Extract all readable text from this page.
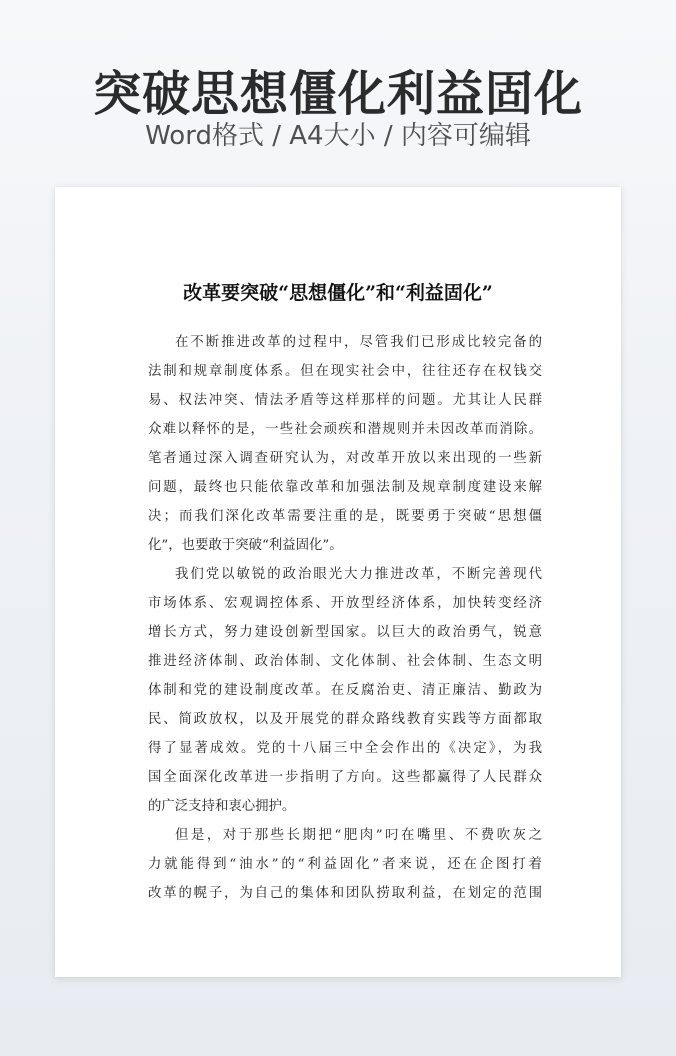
突破思想僵化利益固化

Word格式 / A4大小 / 内容可编辑

改革要突破“思想僵化”和“利益固化”

在不断推进改革的过程中，尽管我们已形成比较完备的
法制和规章制度体系。但在现实社会中，往往还存在权钱交
易、权法冲突、情法矛盾等这样那样的问题。尤其让人民群
众难以释怀的是，一些社会顽疾和潜规则并未因改革而消除。
笔者通过深入调查研究认为，对改革开放以来出现的一些新
问题，最终也只能依靠改革和加强法制及规章制度建设来解
决；而我们深化改革需要注重的是，既要勇于突破“思想僵
化”，也要敢于突破“利益固化”。

我们党以敏锐的政治眼光大力推进改革，不断完善现代
市场体系、宏观调控体系、开放型经济体系，加快转变经济
增长方式，努力建设创新型国家。以巨大的政治勇气，锐意
推进经济体制、政治体制、文化体制、社会体制、生态文明
体制和党的建设制度改革。在反腐治吏、清正廉洁、勤政为
民、简政放权，以及开展党的群众路线教育实践等方面都取
得了显著成效。党的十八届三中全会作出的《决定》，为我
国全面深化改革进一步指明了方向。这些都赢得了人民群众
的广泛支持和衷心拥护。

但是，对于那些长期把“肥肉”叼在嘴里、不费吹灰之
力就能得到“油水”的“利益固化”者来说，还在企图打着
改革的幌子，为自己的集体和团队捞取利益，在划定的范围
